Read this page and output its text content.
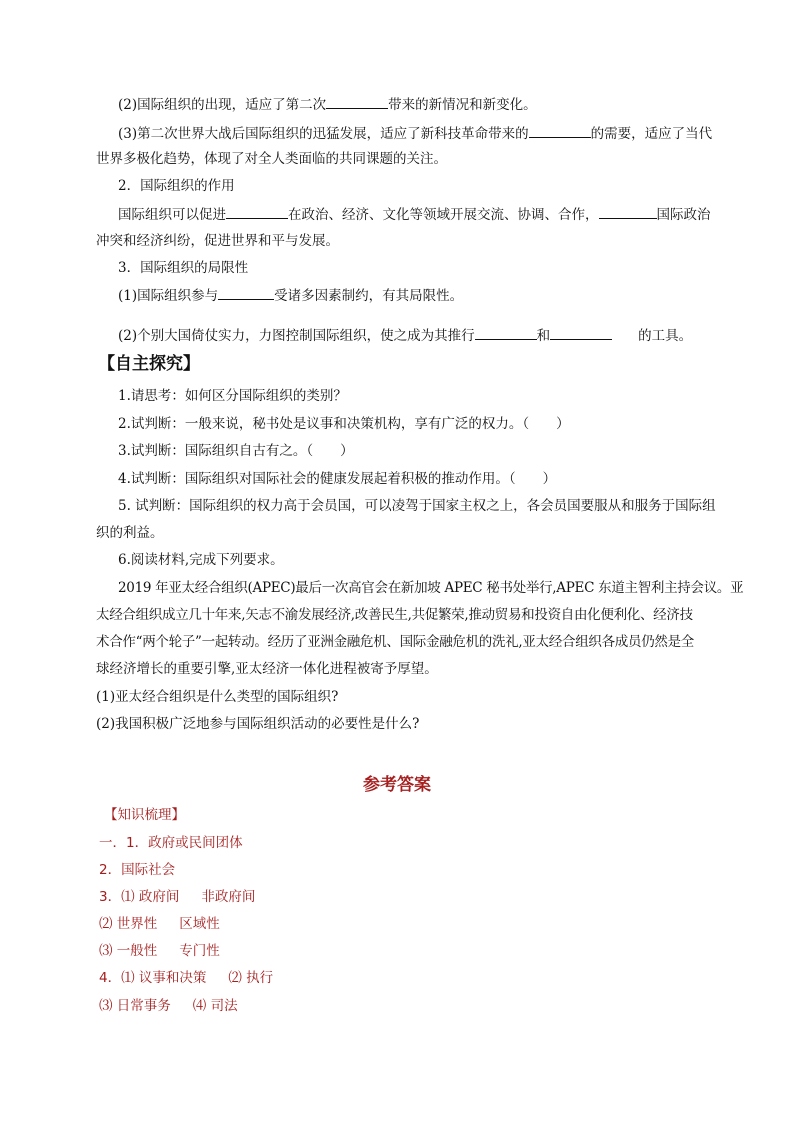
(2)国际组织的出现，适应了第二次	带来的新情况和新变化。
(3)第二次世界大战后国际组织的迅猛发展，适应了新科技革命带来的	的需要，适应了当代
世界多极化趋势，体现了对全人类面临的共同课题的关注。
2．国际组织的作用
国际组织可以促进	在政治、经济、文化等领域开展交流、协调、合作，	国际政治
冲突和经济纠纷，促进世界和平与发展。
3．国际组织的局限性
(1)国际组织参与	受诸多因素制约，有其局限性。
(2)个别大国倚仗实力，力图控制国际组织，使之成为其推行	和	的工具。
【自主探究】
1.请思考：如何区分国际组织的类别？
2.试判断：一般来说，秘书处是议事和决策机构，享有广泛的权力。（　　）
3.试判断：国际组织自古有之。（　　）
4.试判断：国际组织对国际社会的健康发展起着积极的推动作用。（　　）
5. 试判断：国际组织的权力高于会员国，可以凌驾于国家主权之上，各会员国要服从和服务于国际组
织的利益。
6.阅读材料,完成下列要求。
2019 年亚太经合组织(APEC)最后一次高官会在新加坡 APEC 秘书处举行,APEC 东道主智利主持会议。亚
太经合组织成立几十年来,矢志不渝发展经济,改善民生,共促繁荣,推动贸易和投资自由化便利化、经济技
术合作“两个轮子”一起转动。经历了亚洲金融危机、国际金融危机的洗礼,亚太经合组织各成员仍然是全
球经济增长的重要引擎,亚太经济一体化进程被寄予厚望。
(1)亚太经合组织是什么类型的国际组织?
(2)我国积极广泛地参与国际组织活动的必要性是什么?
参考答案
【知识梳理】
一．1．政府或民间团体
2．国际社会
3．⑴ 政府间 非政府间
⑵ 世界性 区域性
⑶ 一般性 专门性
4．⑴ 议事和决策 ⑵ 执行
⑶ 日常事务 ⑷ 司法
